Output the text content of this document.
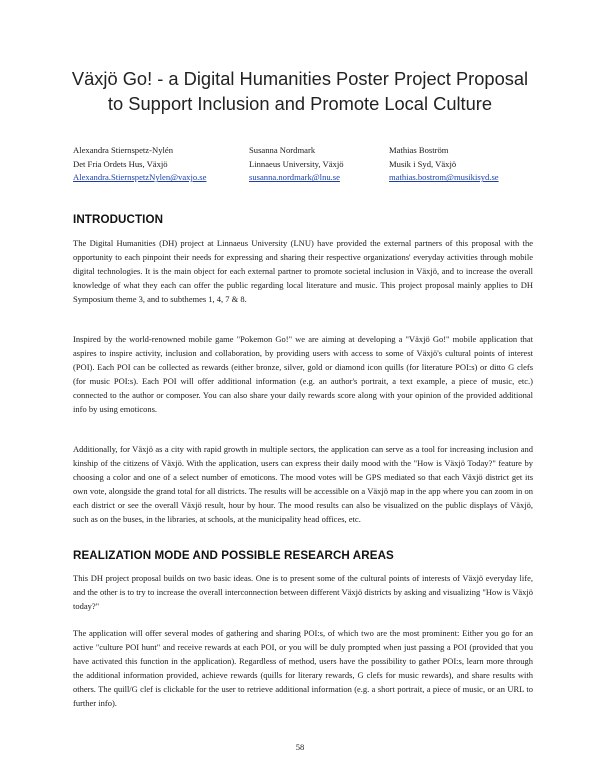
Växjö Go! - a Digital Humanities Poster Project Proposal
to Support Inclusion and Promote Local Culture
Alexandra Stiernspetz-Nylén
Det Fria Ordets Hus, Växjö
Alexandra.StiernspetzNylen@vaxjo.se
Susanna Nordmark
Linnaeus University, Växjö
susanna.nordmark@lnu.se
Mathias Boström
Musik i Syd, Växjö
mathias.bostrom@musikisyd.se
INTRODUCTION

The Digital Humanities (DH) project at Linnaeus University (LNU) have provided the external partners of this proposal with the opportunity to each pinpoint their needs for expressing and sharing their respective organizations' everyday activities through mobile digital technologies. It is the main object for each external partner to promote societal inclusion in Växjö, and to increase the overall knowledge of what they each can offer the public regarding local literature and music. This project proposal mainly applies to DH Symposium theme 3, and to subthemes 1, 4, 7 & 8.

Inspired by the world-renowned mobile game "Pokemon Go!" we are aiming at developing a "Växjö Go!" mobile application that aspires to inspire activity, inclusion and collaboration, by providing users with access to some of Växjö's cultural points of interest (POI). Each POI can be collected as rewards (either bronze, silver, gold or diamond icon quills (for literature POI:s) or ditto G clefs (for music POI:s). Each POI will offer additional information (e.g. an author's portrait, a text example, a piece of music, etc.) connected to the author or composer. You can also share your daily rewards score along with your opinion of the provided additional info by using emoticons.

Additionally, for Växjö as a city with rapid growth in multiple sectors, the application can serve as a tool for increasing inclusion and kinship of the citizens of Växjö. With the application, users can express their daily mood with the "How is Växjö Today?" feature by choosing a color and one of a select number of emoticons. The mood votes will be GPS mediated so that each Växjö district get its own vote, alongside the grand total for all districts. The results will be accessible on a Växjö map in the app where you can zoom in on each district or see the overall Växjö result, hour by hour. The mood results can also be visualized on the public displays of Växjö, such as on the buses, in the libraries, at schools, at the municipality head offices, etc.

REALIZATION MODE AND POSSIBLE RESEARCH AREAS

This DH project proposal builds on two basic ideas. One is to present some of the cultural points of interests of Växjö everyday life, and the other is to try to increase the overall interconnection between different Växjö districts by asking and visualizing "How is Växjö today?"

The application will offer several modes of gathering and sharing POI:s, of which two are the most prominent: Either you go for an active "culture POI hunt" and receive rewards at each POI, or you will be duly prompted when just passing a POI (provided that you have activated this function in the application). Regardless of method, users have the possibility to gather POI:s, learn more through the additional information provided, achieve rewards (quills for literary rewards, G clefs for music rewards), and share results with others. The quill/G clef is clickable for the user to retrieve additional information (e.g. a short portrait, a piece of music, or an URL to further info).

58
